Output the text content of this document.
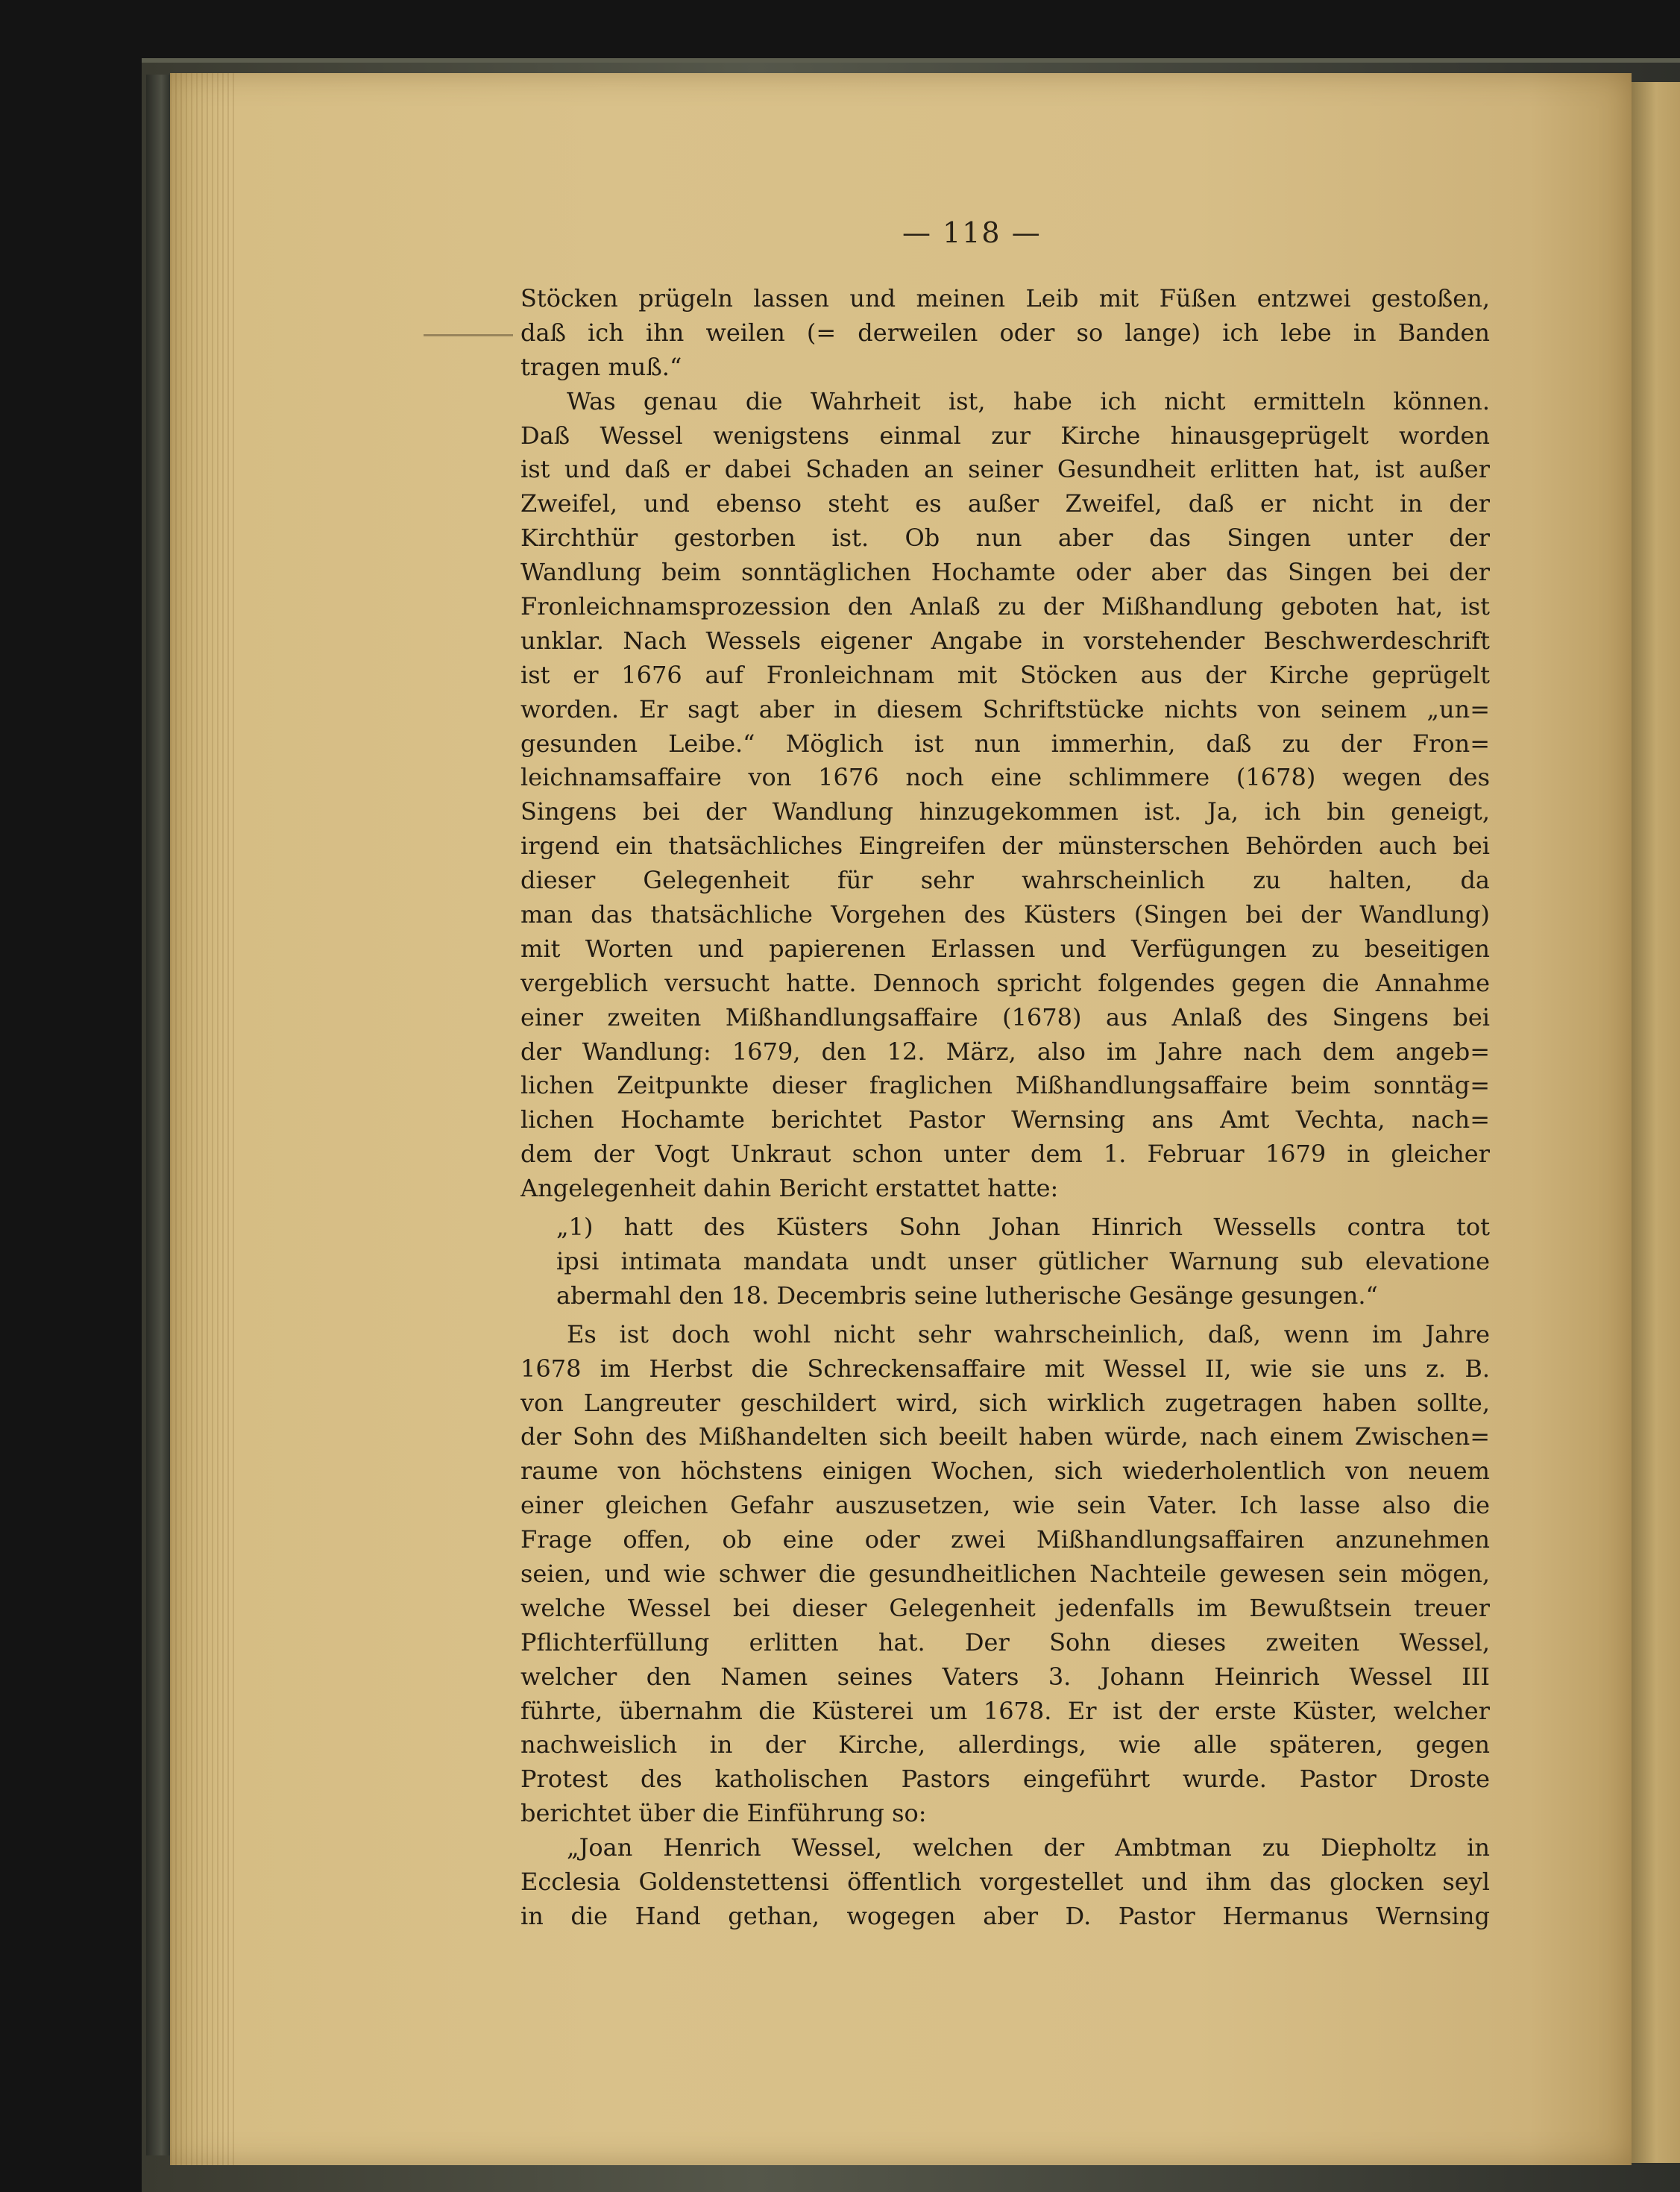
— 118 —
Stöcken prügeln lassen und meinen Leib mit Füßen entzwei gestoßen,
daß ich ihn weilen (= derweilen oder so lange) ich lebe in Banden
tragen muß.“
Was genau die Wahrheit ist, habe ich nicht ermitteln können.
Daß Wessel wenigstens einmal zur Kirche hinausgeprügelt worden
ist und daß er dabei Schaden an seiner Gesundheit erlitten hat, ist außer
Zweifel, und ebenso steht es außer Zweifel, daß er nicht in der
Kirchthür gestorben ist. Ob nun aber das Singen unter der
Wandlung beim sonntäglichen Hochamte oder aber das Singen bei der
Fronleichnamsprozession den Anlaß zu der Mißhandlung geboten hat, ist
unklar. Nach Wessels eigener Angabe in vorstehender Beschwerdeschrift
ist er 1676 auf Fronleichnam mit Stöcken aus der Kirche geprügelt
worden. Er sagt aber in diesem Schriftstücke nichts von seinem „un=
gesunden Leibe.“ Möglich ist nun immerhin, daß zu der Fron=
leichnamsaffaire von 1676 noch eine schlimmere (1678) wegen des
Singens bei der Wandlung hinzugekommen ist. Ja, ich bin geneigt,
irgend ein thatsächliches Eingreifen der münsterschen Behörden auch bei
dieser Gelegenheit für sehr wahrscheinlich zu halten, da
man das thatsächliche Vorgehen des Küsters (Singen bei der Wandlung)
mit Worten und papierenen Erlassen und Verfügungen zu beseitigen
vergeblich versucht hatte. Dennoch spricht folgendes gegen die Annahme
einer zweiten Mißhandlungsaffaire (1678) aus Anlaß des Singens bei
der Wandlung: 1679, den 12. März, also im Jahre nach dem angeb=
lichen Zeitpunkte dieser fraglichen Mißhandlungsaffaire beim sonntäg=
lichen Hochamte berichtet Pastor Wernsing ans Amt Vechta, nach=
dem der Vogt Unkraut schon unter dem 1. Februar 1679 in gleicher
Angelegenheit dahin Bericht erstattet hatte:
„1) hatt des Küsters Sohn Johan Hinrich Wessells contra tot
ipsi intimata mandata undt unser gütlicher Warnung sub elevatione
abermahl den 18. Decembris seine lutherische Gesänge gesungen.“
Es ist doch wohl nicht sehr wahrscheinlich, daß, wenn im Jahre
1678 im Herbst die Schreckensaffaire mit Wessel II, wie sie uns z. B.
von Langreuter geschildert wird, sich wirklich zugetragen haben sollte,
der Sohn des Mißhandelten sich beeilt haben würde, nach einem Zwischen=
raume von höchstens einigen Wochen, sich wiederholentlich von neuem
einer gleichen Gefahr auszusetzen, wie sein Vater. Ich lasse also die
Frage offen, ob eine oder zwei Mißhandlungsaffairen anzunehmen
seien, und wie schwer die gesundheitlichen Nachteile gewesen sein mögen,
welche Wessel bei dieser Gelegenheit jedenfalls im Bewußtsein treuer
Pflichterfüllung erlitten hat. Der Sohn dieses zweiten Wessel,
welcher den Namen seines Vaters 3. Johann Heinrich Wessel III
führte, übernahm die Küsterei um 1678. Er ist der erste Küster, welcher
nachweislich in der Kirche, allerdings, wie alle späteren, gegen
Protest des katholischen Pastors eingeführt wurde. Pastor Droste
berichtet über die Einführung so:
„Joan Henrich Wessel, welchen der Ambtman zu Diepholtz in
Ecclesia Goldenstettensi öffentlich vorgestellet und ihm das glocken seyl
in die Hand gethan, wogegen aber D. Pastor Hermanus Wernsing
